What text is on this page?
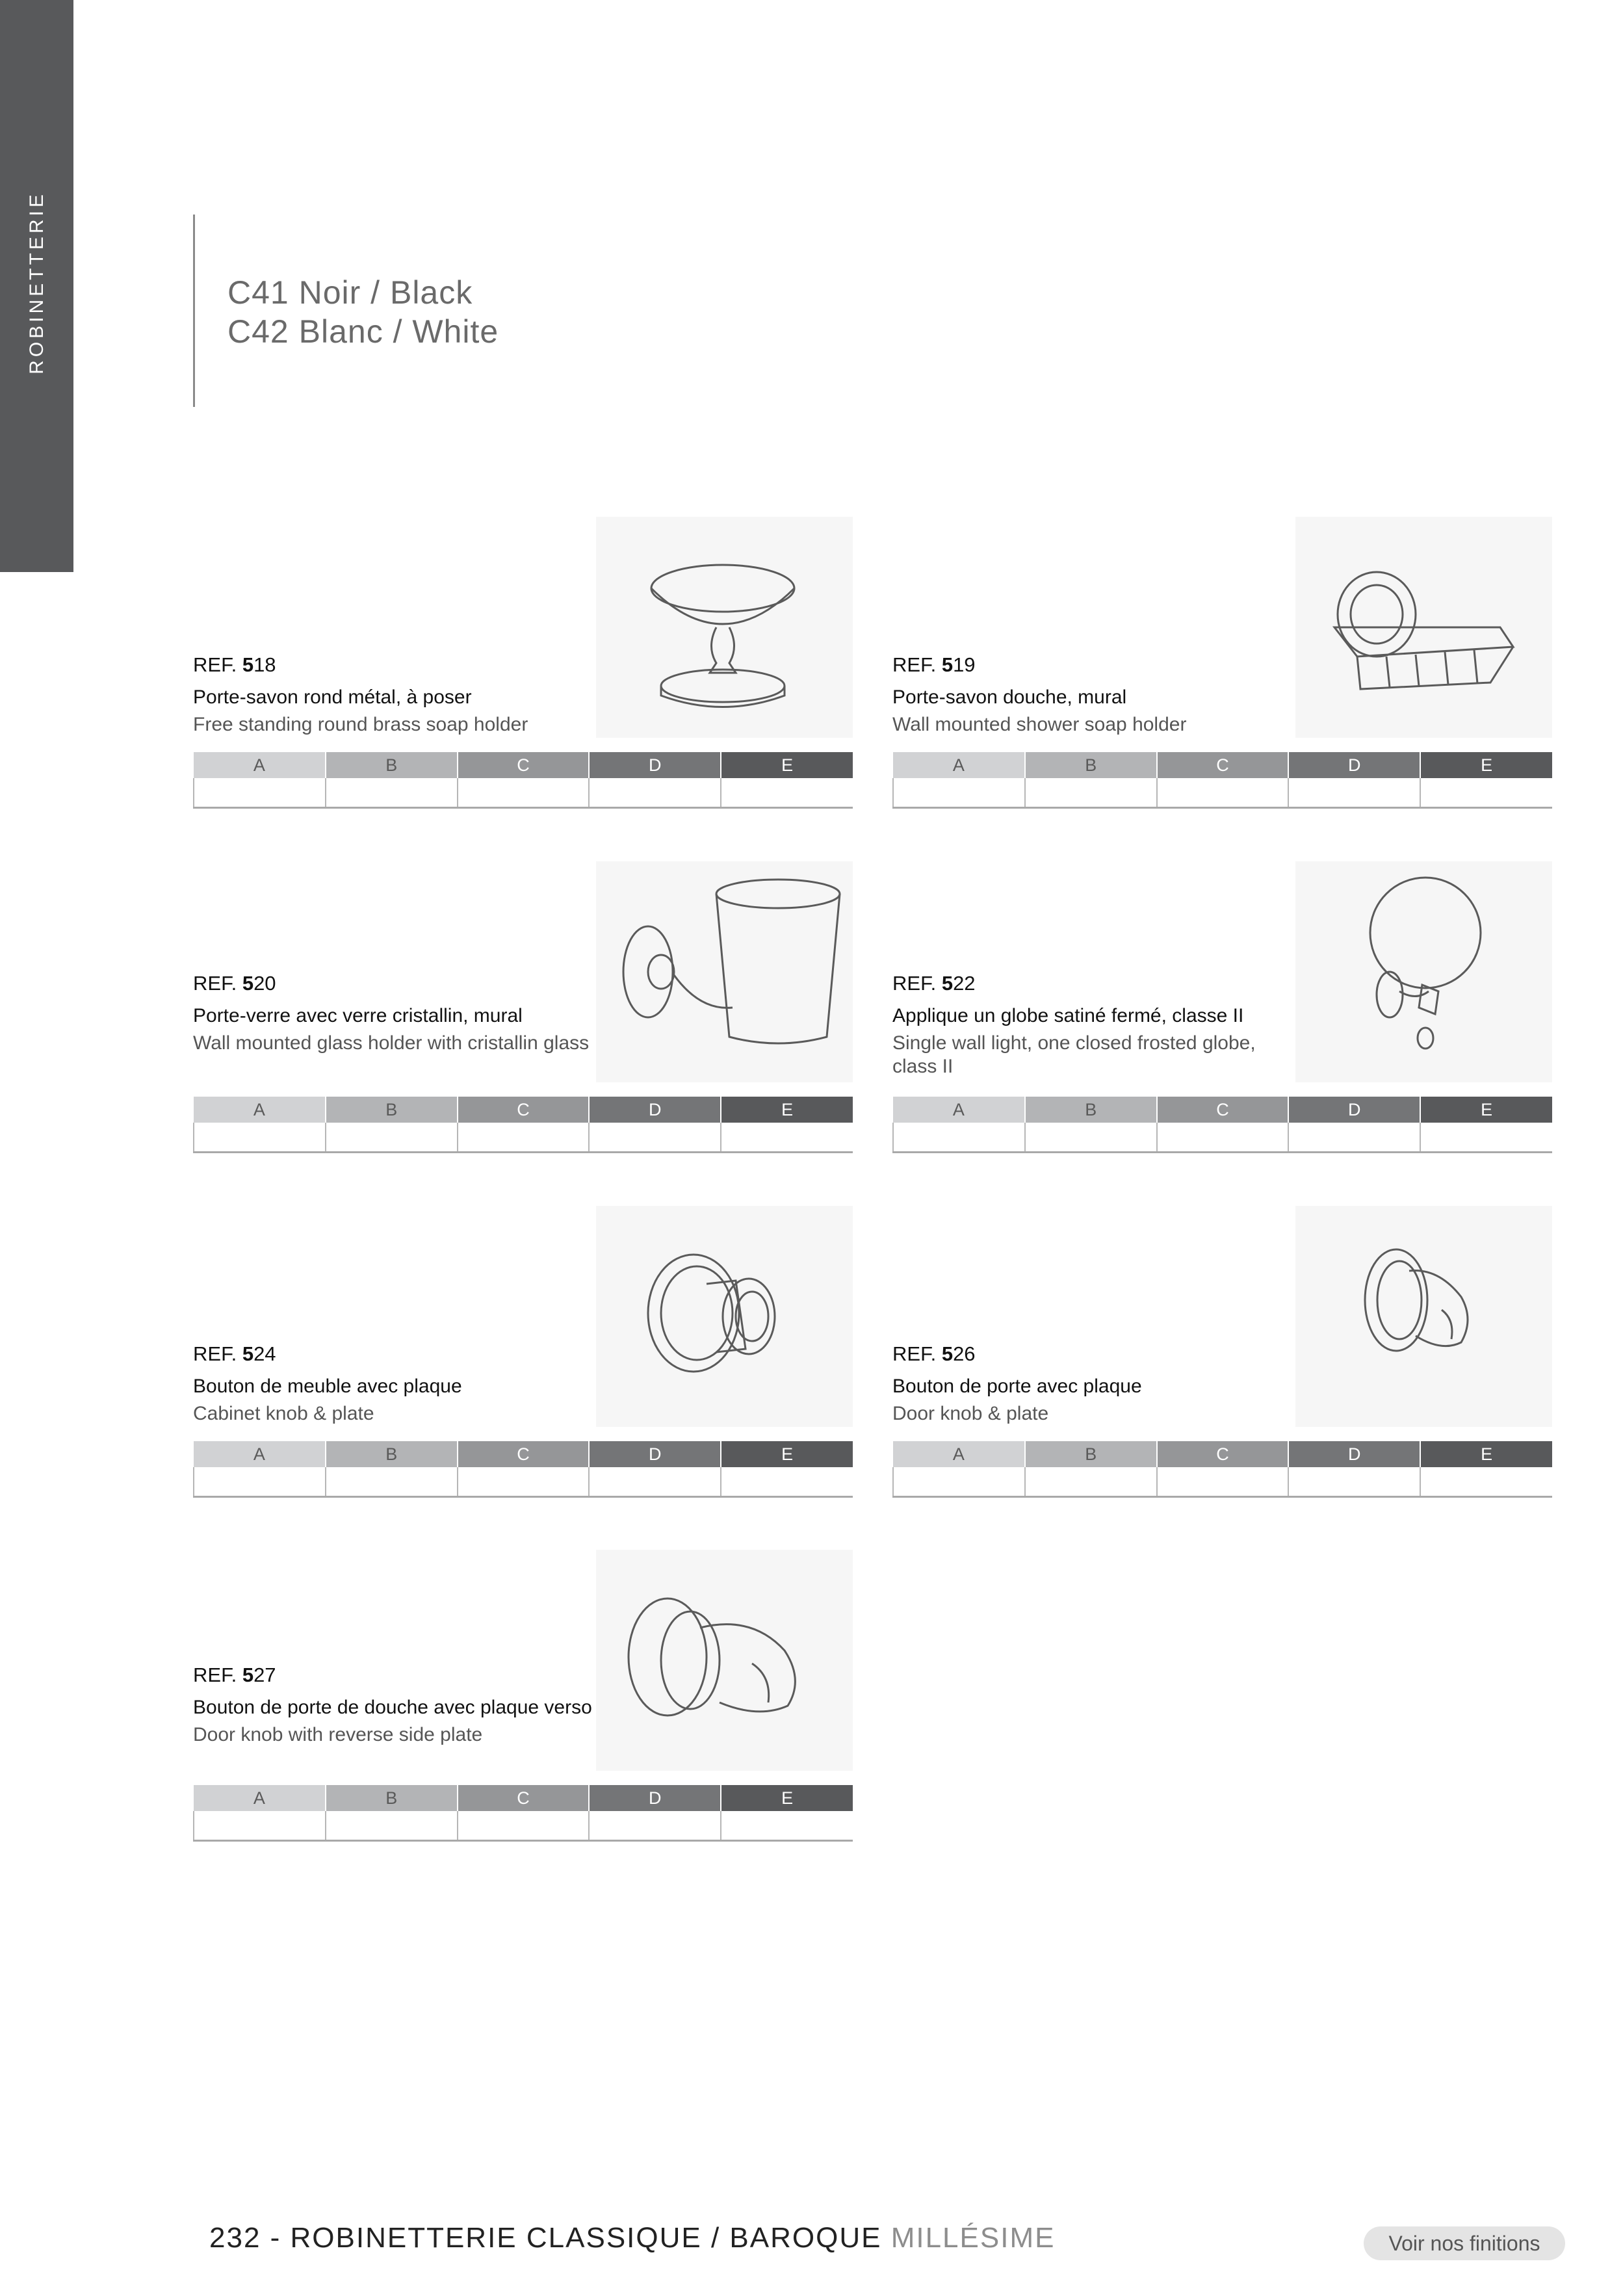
ROBINETTERIE	C41 Noir / Black
C42 Blanc / White

REF. 518

Porte-savon rond métal, à poser

Free standing round brass soap holder

A	B	C	D	E

REF. 519

Porte-savon douche, mural

Wall mounted shower soap holder

A	B	C	D	E

REF. 520

Porte-verre avec verre cristallin, mural

Wall mounted glass holder with cristallin glass

A	B	C	D	E

REF. 522

Applique un globe satiné fermé, classe II

Single wall light, one closed frosted globe, class II

A	B	C	D	E

REF. 524

Bouton de meuble avec plaque

Cabinet knob & plate

A	B	C	D	E

REF. 526

Bouton de porte avec plaque

Door knob & plate

A	B	C	D	E

REF. 527

Bouton de porte de douche avec plaque verso

Door knob with reverse side plate

A	B	C	D	E

232 - ROBINETTERIE CLASSIQUE / BAROQUE MILLÉSIME	Voir nos finitions
